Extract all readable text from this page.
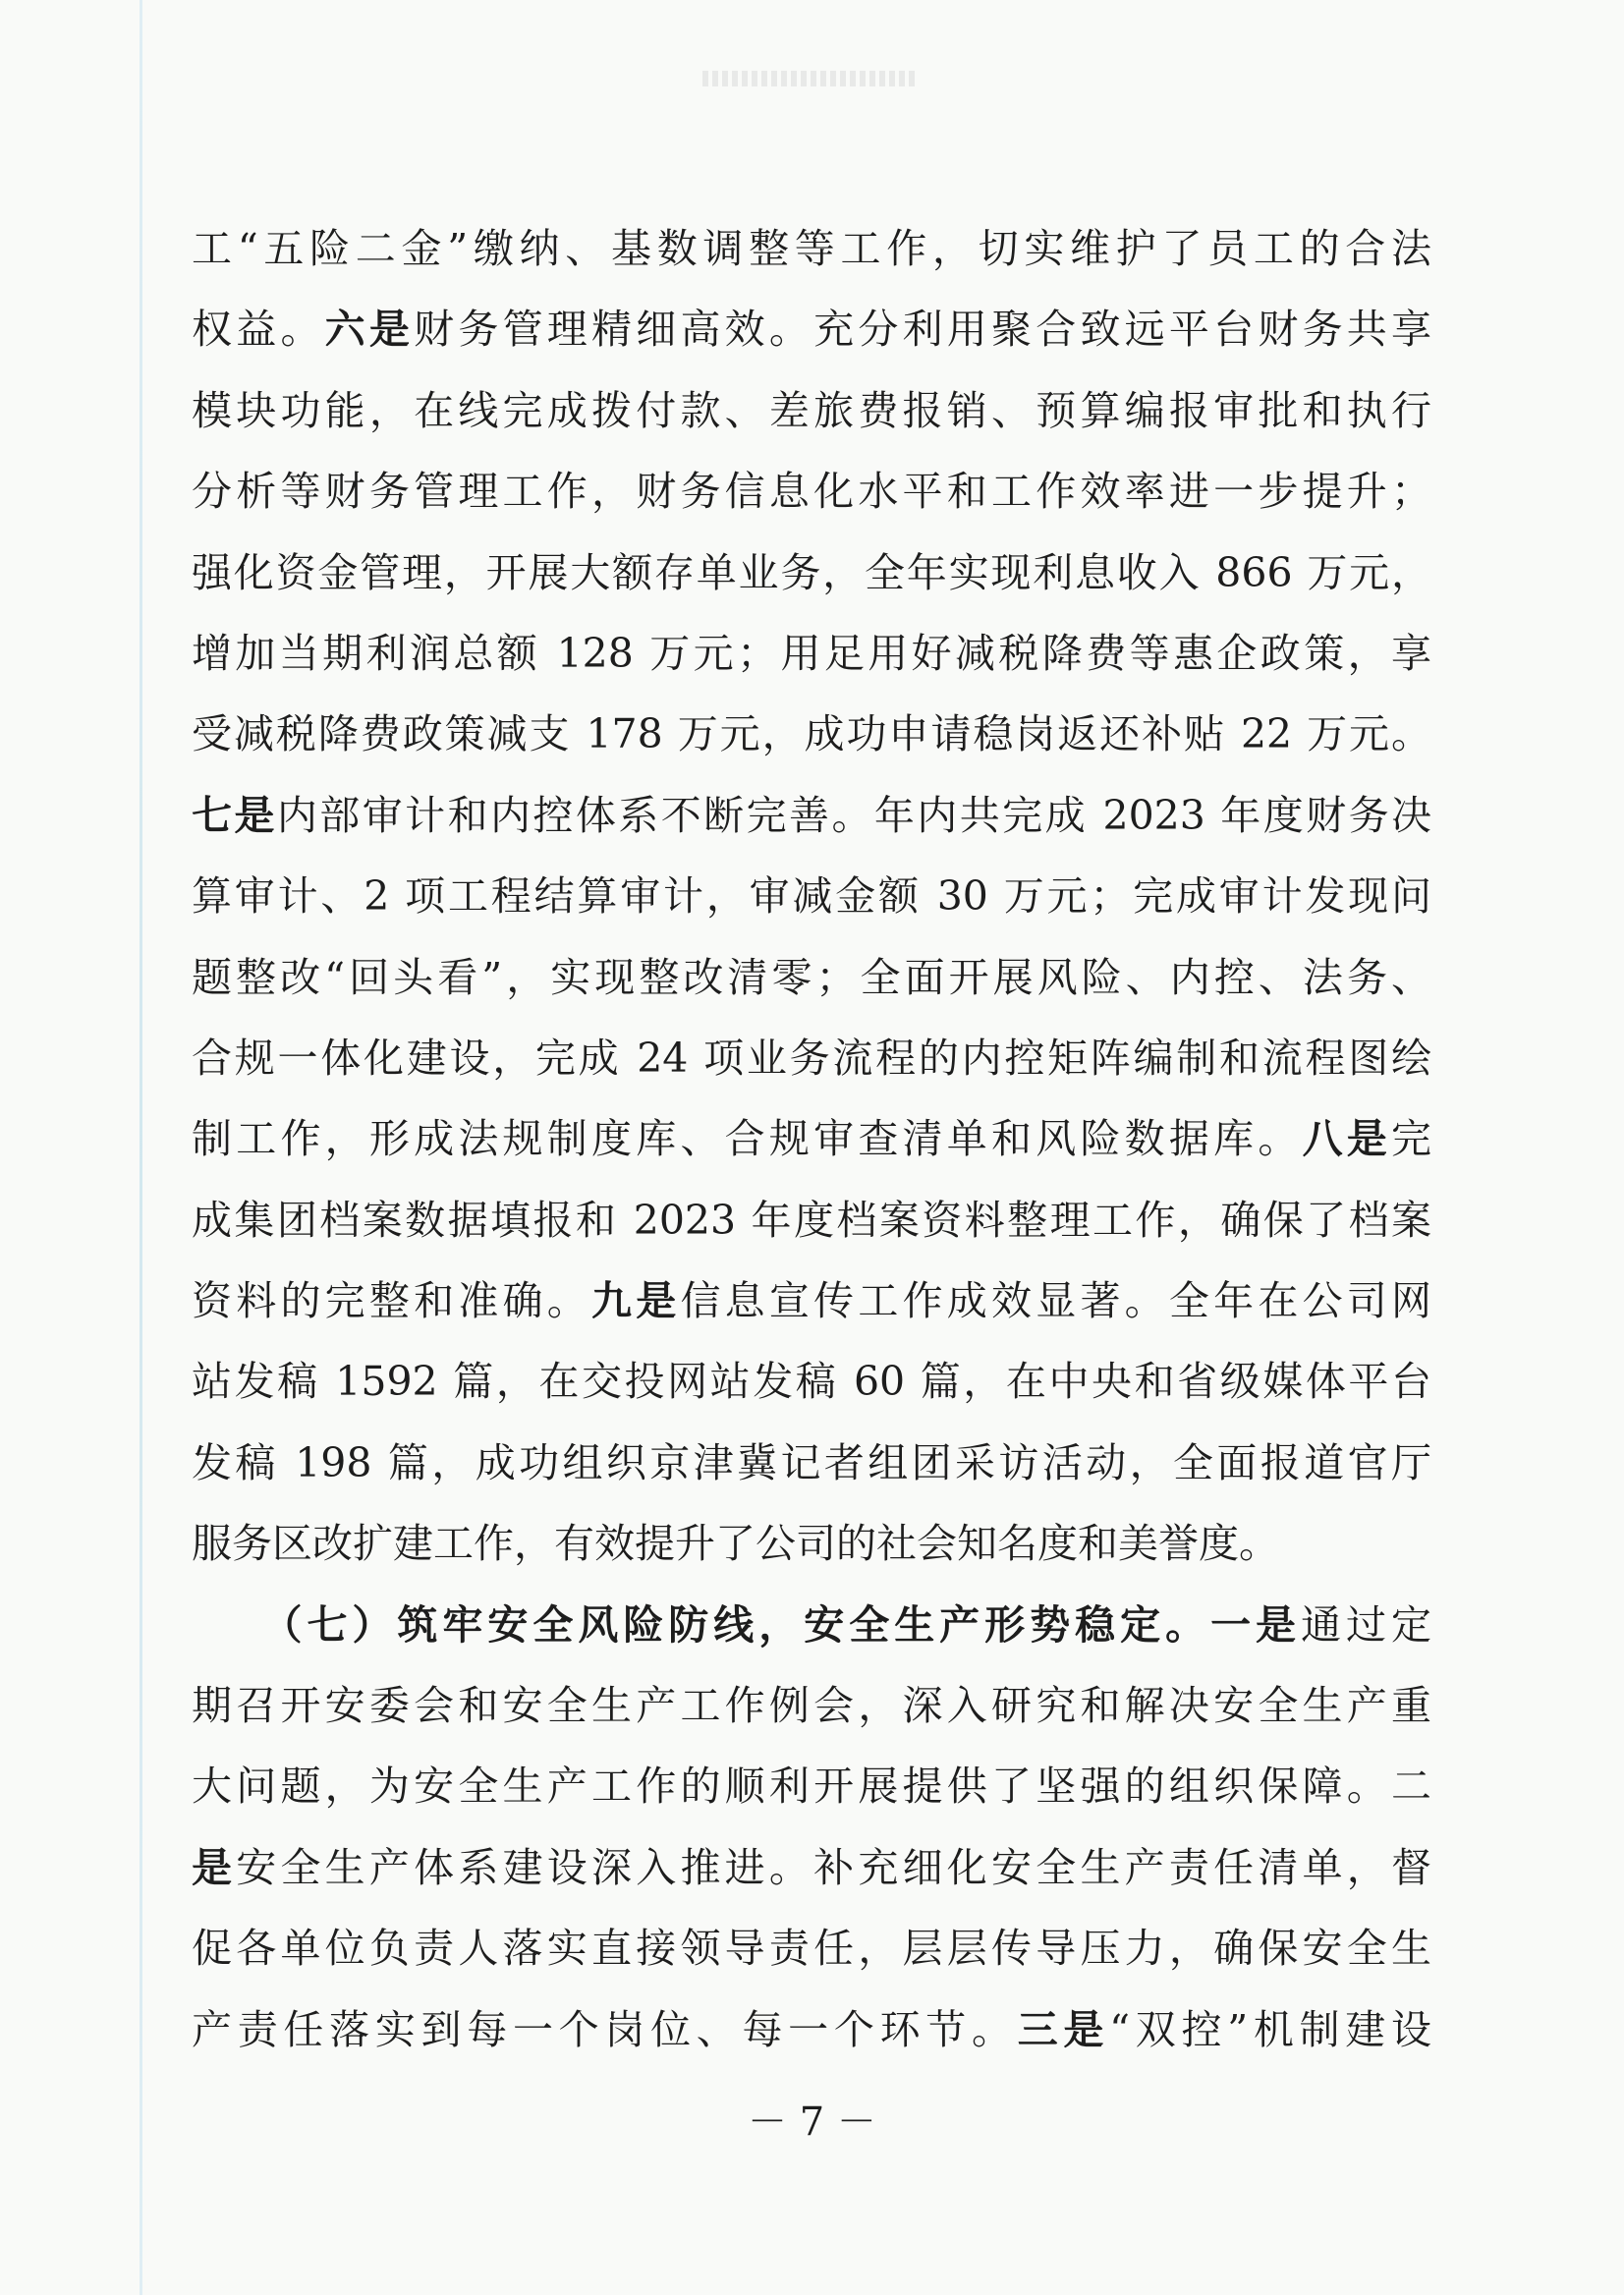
工“五险二金”缴纳、基数调整等工作，切实维护了员工的合法
权益。六是财务管理精细高效。充分利用聚合致远平台财务共享
模块功能，在线完成拨付款、差旅费报销、预算编报审批和执行
分析等财务管理工作，财务信息化水平和工作效率进一步提升；
强化资金管理，开展大额存单业务，全年实现利息收入 866 万元，
增加当期利润总额 128 万元；用足用好减税降费等惠企政策，享
受减税降费政策减支 178 万元，成功申请稳岗返还补贴 22 万元。
七是内部审计和内控体系不断完善。年内共完成 2023 年度财务决
算审计、2 项工程结算审计，审减金额 30 万元；完成审计发现问
题整改“回头看”，实现整改清零；全面开展风险、内控、法务、
合规一体化建设，完成 24 项业务流程的内控矩阵编制和流程图绘
制工作，形成法规制度库、合规审查清单和风险数据库。八是完
成集团档案数据填报和 2023 年度档案资料整理工作，确保了档案
资料的完整和准确。九是信息宣传工作成效显著。全年在公司网
站发稿 1592 篇，在交投网站发稿 60 篇，在中央和省级媒体平台
发稿 198 篇，成功组织京津冀记者组团采访活动，全面报道官厅
服务区改扩建工作，有效提升了公司的社会知名度和美誉度。
　　（七）筑牢安全风险防线，安全生产形势稳定。一是通过定
期召开安委会和安全生产工作例会，深入研究和解决安全生产重
大问题，为安全生产工作的顺利开展提供了坚强的组织保障。二
是安全生产体系建设深入推进。补充细化安全生产责任清单，督
促各单位负责人落实直接领导责任，层层传导压力，确保安全生
产责任落实到每一个岗位、每一个环节。三是“双控”机制建设
－ 7 －
